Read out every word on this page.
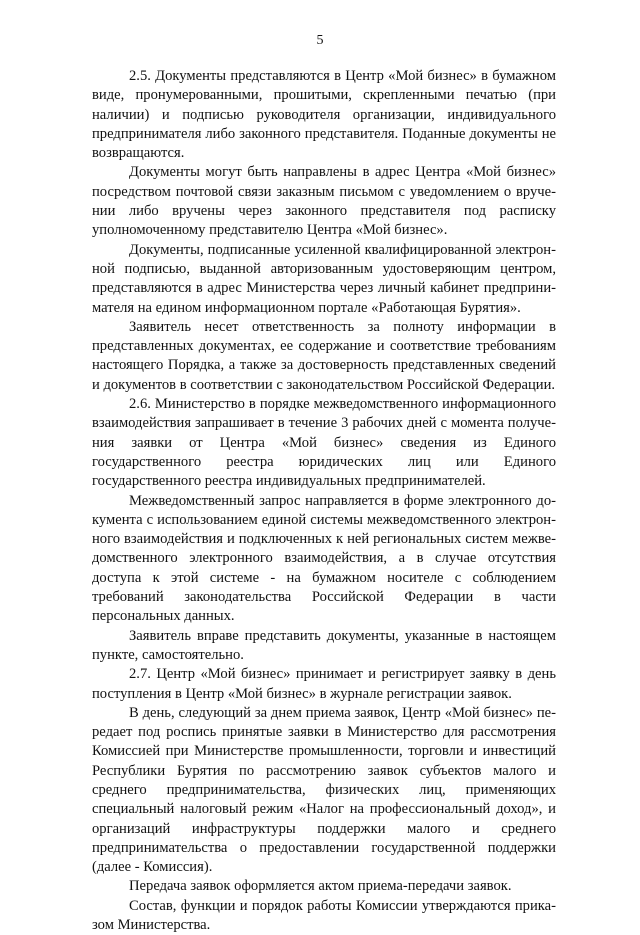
5

2.5. Документы представляются в Центр «Мой бизнес» в бумажном виде, пронумерованными, прошитыми, скрепленными печатью (при наличии) и подписью руководителя организации, индивидуального предпринимателя либо законного представителя. Поданные документы не возвращаются.

Документы могут быть направлены в адрес Центра «Мой бизнес» посредством почтовой связи заказным письмом с уведомлением о вручении либо вручены через законного представителя под расписку уполномоченному представителю Центра «Мой бизнес».

Документы, подписанные усиленной квалифицированной электронной подписью, выданной авторизованным удостоверяющим центром, представляются в адрес Министерства через личный кабинет предпринимателя на едином информационном портале «Работающая Бурятия».

Заявитель несет ответственность за полноту информации в представленных документах, ее содержание и соответствие требованиям настоящего Порядка, а также за достоверность представленных сведений и документов в соответствии с законодательством Российской Федерации.

2.6. Министерство в порядке межведомственного информационного взаимодействия запрашивает в течение 3 рабочих дней с момента получения заявки от Центра «Мой бизнес» сведения из Единого государственного реестра юридических лиц или Единого государственного реестра индивидуальных предпринимателей.

Межведомственный запрос направляется в форме электронного документа с использованием единой системы межведомственного электронного взаимодействия и подключенных к ней региональных систем межведомственного электронного взаимодействия, а в случае отсутствия доступа к этой системе - на бумажном носителе с соблюдением требований законодательства Российской Федерации в части персональных данных.

Заявитель вправе представить документы, указанные в настоящем пункте, самостоятельно.

2.7. Центр «Мой бизнес» принимает и регистрирует заявку в день поступления в Центр «Мой бизнес» в журнале регистрации заявок.

В день, следующий за днем приема заявок, Центр «Мой бизнес» передает под роспись принятые заявки в Министерство для рассмотрения Комиссией при Министерстве промышленности, торговли и инвестиций Республики Бурятия по рассмотрению заявок субъектов малого и среднего предпринимательства, физических лиц, применяющих специальный налоговый режим «Налог на профессиональный доход», и организаций инфраструктуры поддержки малого и среднего предпринимательства о предоставлении государственной поддержки (далее - Комиссия).

Передача заявок оформляется актом приема-передачи заявок.

Состав, функции и порядок работы Комиссии утверждаются приказом Министерства.
